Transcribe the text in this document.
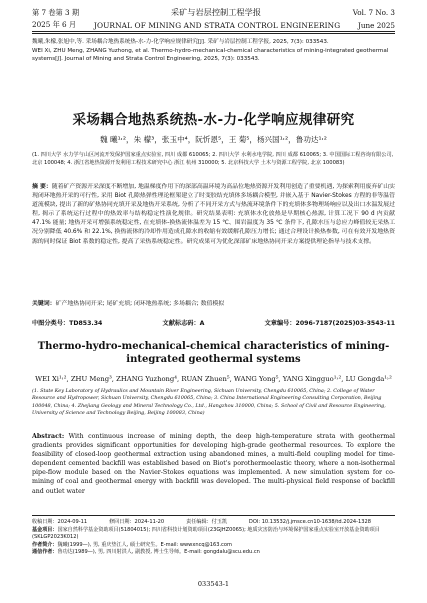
第 7 卷第 3 期	采矿与岩层控制工程学报	Vol. 7 No. 3
2025 年 6 月 JOURNAL OF MINING AND STRATA CONTROL ENGINEERING June 2025

魏曦,朱檬,张旭中,等. 采场耦合地热系统热-水-力-化学响应规律研究[J]. 采矿与岩层控制工程学报, 2025, 7(3): 033543.

WEI Xi, ZHU Meng, ZHANG Yuzhong, et al. Thermo-hydro-mechanical-chemical characteristics of mining-integrated geothermal systems[J]. Journal of Mining and Strata Control Engineering, 2025, 7(3): 033543.

采场耦合地热系统热-水-力-化学响应规律研究
魏 曦¹˒²，朱 檬³，张玉中⁴，阮忻恩⁵，王 菊⁵，杨兴国¹˒²，鲁功达¹˒²
(1. 四川大学 水力学与山区河流开发保护国家重点实验室, 四川 成都 610065; 2. 四川大学 水利水电学院, 四川 成都 610065; 3. 中国国际工程咨询有限公司, 北京 100048; 4. 浙江省地热资源开发利用工程技术研究中心 浙江 杭州 310000; 5. 北京科技大学 土木与资源工程学院, 北京 100083)
摘 要：随着矿产资源开采深度不断增加, 地温梯度作用下的深部高温环境为高品位地热资源开发利用创造了重要机遇, 为探索利用废弃矿山实现闭环地热开采的可行性, 采用 Biot 孔隙热弹性理论框架建立了时变胶结充填体多场耦合模型, 并嵌入基于 Navier-Stokes 方程的非等温管道流模块, 提出了新的矿热协同充填开采及地热开采系统, 分析了不同开采方式与热流环境条件下的充填体多物理场响应以及出口水温发展过程, 揭示了系统运行过程中的热效率与结构稳定性演化规律。研究结果表明: 充填体水化放热是早期核心热源, 计算工况下 90 d 内贡献 47.1% 能量; 地热开采可增强系统稳定性, 在充填体-换热流体温差为 15 ℃、围岩温度为 35 ℃ 条件下, 孔隙水压与总应力峰值较无采热工况分别降低 40.6% 和 22.1%, 换热流体的冷却作用造成孔隙水的收缩有效缓解孔隙压力增长; 通过合理设计换热参数, 可在有效开发地热资源的同时保证 Biot 系数的稳定性, 提高了采热系统稳定性。研究成果可为优化深部矿床地热协同开采方案提供理论指导与技术支撑。
关键词：矿产地热协同开采; 尾矿充填; 闭环地热系统; 多场耦合; 数值模拟
中图分类号：TD853.34	文献标志码：A	文章编号：2096-7187(2025)03-3543-11
Thermo-hydro-mechanical-chemical characteristics of mining-integrated geothermal systems
WEI Xi¹˒², ZHU Meng³, ZHANG Yuzhong⁴, RUAN Zhuen⁵, WANG Yong⁵, YANG Xingguo¹˒², LU Gongda¹˒²
(1. State Key Laboratory of Hydraulics and Mountain River Engineering, Sichuan University, Chengdu 610065, China; 2. College of Water Resource and Hydropower, Sichuan University, Chengdu 610065, China; 3. China International Engineering Consulting Corporation, Beijing 100048, China; 4. Zhejiang Geology and Mineral Technology Co., Ltd., Hangzhou 310000, China; 5. School of Civil and Resource Engineering, University of Science and Technology Beijing, Beijing 100083, China)
Abstract: With continuous increase of mining depth, the deep high-temperature strata with geothermal gradients provides significant opportunities for developing high-grade geothermal resources. To explore the feasibility of closed-loop geothermal extraction using abandoned mines, a multi-field coupling model for time-dependent cemented backfill was established based on Biot's porothermoelastic theory, where a non-isothermal pipe-flow module based on the Navier-Stokes equations was implemented. A new simulation system for co-mining of coal and geothermal energy with backfill was developed. The multi-physical field response of backfill and outlet water
收稿日期：2024-09-11	修回日期：2024-11-20	责任编辑：付玉凯	DOI: 10.13532/j.jmsce.cn10-1638/td.2024-1328
基金项目：国家自然科学基金资助项目(51804015); 四川省科技计划资助项目(23GJHZ0065); 地质灾害防治与环境保护国家重点实验室开放基金资助项目(SKLGP2023K012)
作者简介：魏曦(1999—), 男, 重庆垫江人, 硕士研究生。E-mail: wwwxncq@163.com
通信作者：鲁功达(1989—), 男, 四川射洪人, 副教授, 博士生导师。E-mail: gongdalu@scu.edu.cn
033543-1
